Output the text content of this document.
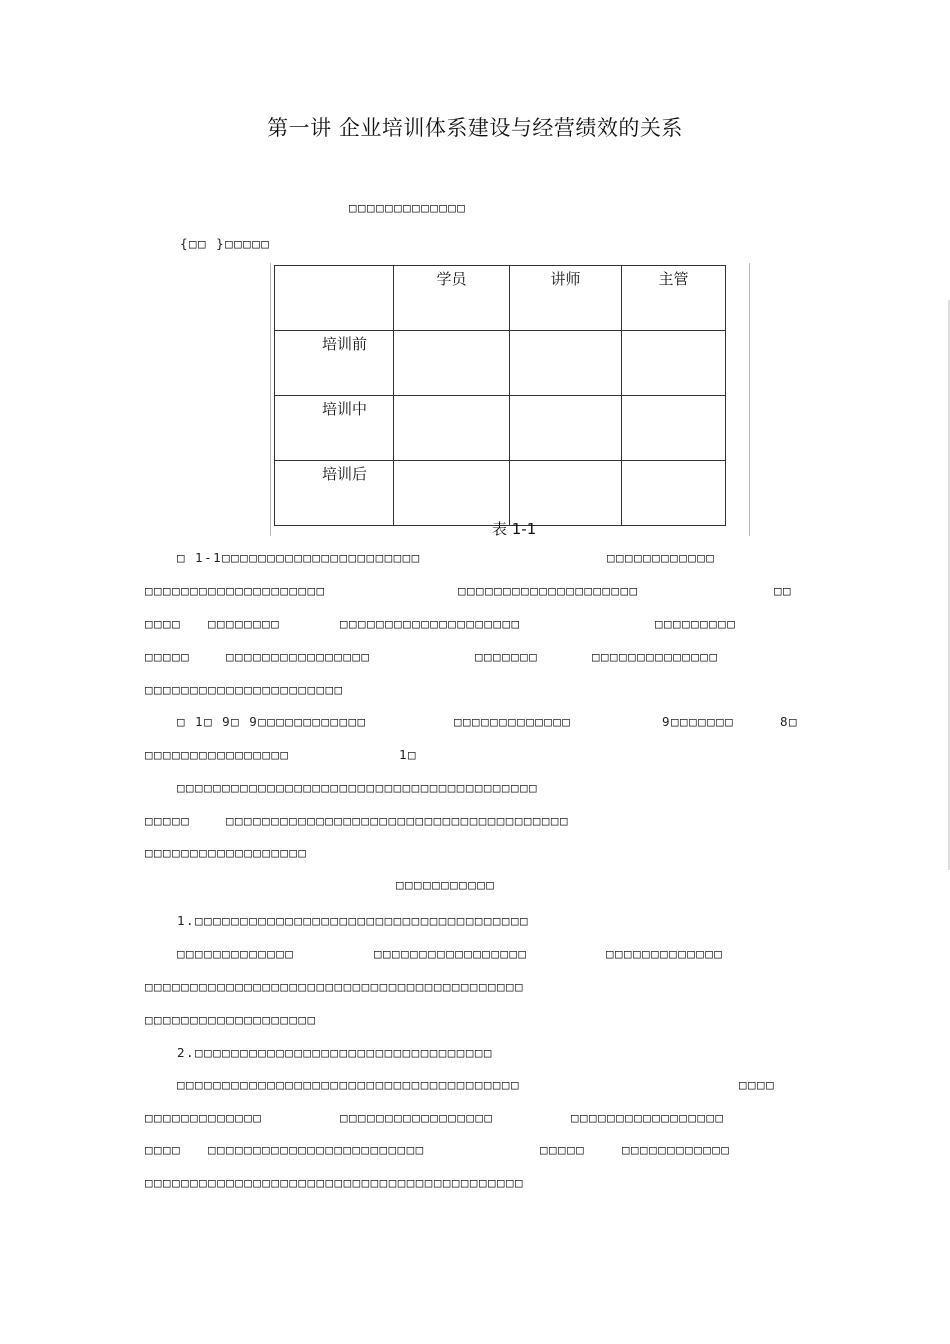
第一讲 企业培训体系建设与经营绩效的关系
□□□□□□□□□□□□□
{□□ }□□□□□
	学员	讲师	主管
培训前			
培训中			
培训后			
表 1-1
□ 1-1□□□□□□□□□□□□□□□□□□□□□□	□□□□□□□□□□□□
□□□□□□□□□□□□□□□□□□□□	□□□□□□□□□□□□□□□□□□□□	□□
□□□□ □□□□□□□□	□□□□□□□□□□□□□□□□□□□□	□□□□□□□□□
□□□□□	□□□□□□□□□□□□□□□□	□□□□□□□	□□□□□□□□□□□□□□
□□□□□□□□□□□□□□□□□□□□□□
□ 1□ 9□ 9□□□□□□□□□□□□	□□□□□□□□□□□□□	9□□□□□□□	8□
□□□□□□□□□□□□□□□□	1□
□□□□□□□□□□□□□□□□□□□□□□□□□□□□□□□□□□□□□□□□
□□□□□	□□□□□□□□□□□□□□□□□□□□□□□□□□□□□□□□□□□□□□
□□□□□□□□□□□□□□□□□□
□□□□□□□□□□□
1.□□□□□□□□□□□□□□□□□□□□□□□□□□□□□□□□□□□□□
□□□□□□□□□□□□□	□□□□□□□□□□□□□□□□□	□□□□□□□□□□□□□
□□□□□□□□□□□□□□□□□□□□□□□□□□□□□□□□□□□□□□□□□□
□□□□□□□□□□□□□□□□□□□
2.□□□□□□□□□□□□□□□□□□□□□□□□□□□□□□□□□
□□□□□□□□□□□□□□□□□□□□□□□□□□□□□□□□□□□□□□	□□□□
□□□□□□□□□□□□□	□□□□□□□□□□□□□□□□□	□□□□□□□□□□□□□□□□□
□□□□ □□□□□□□□□□□□□□□□□□□□□□□□	□□□□□	□□□□□□□□□□□□
□□□□□□□□□□□□□□□□□□□□□□□□□□□□□□□□□□□□□□□□□□
